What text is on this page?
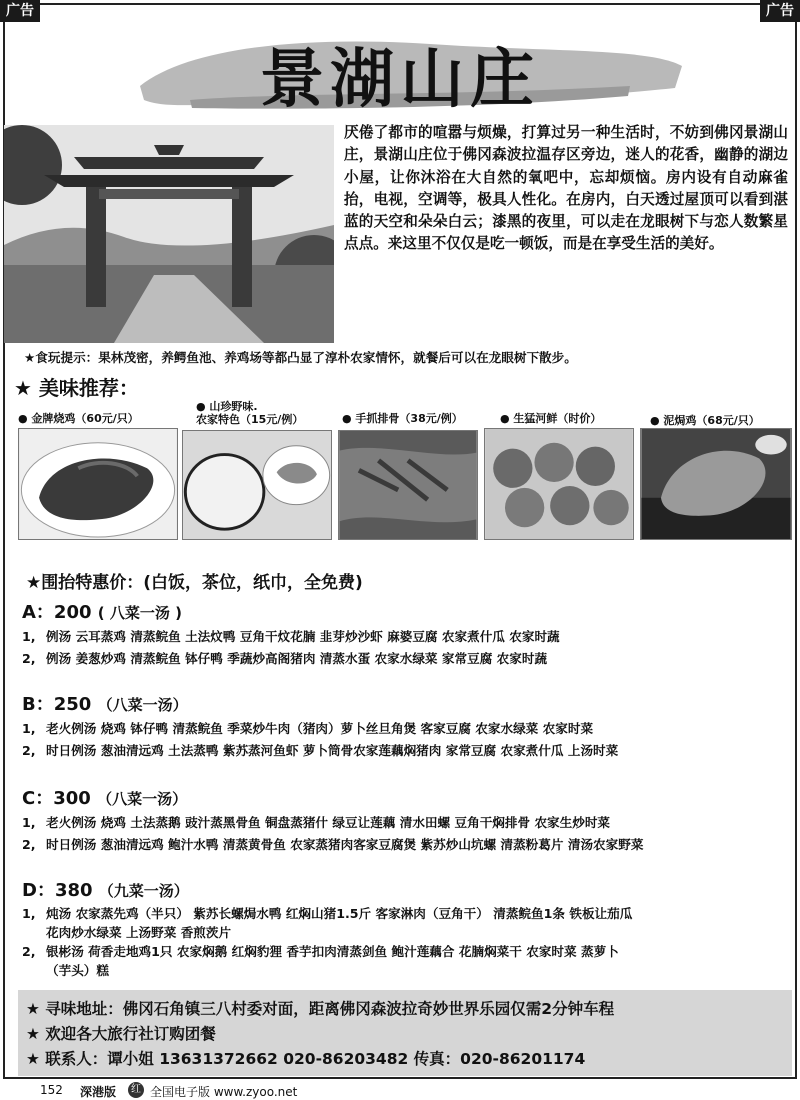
广告	广告
景湖山庄
厌倦了都市的喧嚣与烦燥，打算过另一种生活时，不妨到佛冈景湖山庄，景湖山庄位于佛冈森波拉温存区旁边，迷人的花香，幽静的湖边小屋，让你沐浴在大自然的氧吧中，忘却烦恼。房内设有自动麻雀抬，电视，空调等，极具人性化。在房内，白天透过屋顶可以看到湛蓝的天空和朵朵白云；漆黑的夜里，可以走在龙眼树下与恋人数繁星点点。来这里不仅仅是吃一顿饭，而是在享受生活的美好。
★食玩提示：果林茂密，养鳄鱼池、养鸡场等都凸显了淳朴农家情怀，就餐后可以在龙眼树下散步。
★ 美味推荐：
● 金牌烧鸡（60元/只）
● 山珍野味.
农家特色（15元/例）	● 手抓排骨（38元/例）	● 生猛河鲜（时价）	● 泥焗鸡（68元/只）
★围抬特惠价：(白饭，茶位，纸巾，全免费)
A：200 ( 八菜一汤 )
1, 例汤 云耳蒸鸡 清蒸鲩鱼 土法炆鸭 豆角干炆花腩 韭芽炒沙虾 麻婆豆腐 农家煮什瓜 农家时蔬
2, 例汤 姜葱炒鸡 清蒸鲩鱼 钵仔鸭 季蔬炒高阁猪肉 清蒸水蛋 农家水绿菜 家常豆腐 农家时蔬
B：250 （八菜一汤）
1, 老火例汤 烧鸡 钵仔鸭 清蒸鲩鱼 季菜炒牛肉（猪肉）萝卜丝旦角煲 客家豆腐 农家水绿菜 农家时菜
2, 时日例汤 葱油清远鸡 土法蒸鸭 紫苏蒸河鱼虾 萝卜筒骨农家莲藕焖猪肉 家常豆腐 农家煮什瓜 上汤时菜
C：300 （八菜一汤）
1, 老火例汤 烧鸡 土法蒸鹅 豉汁蒸黑骨鱼 铜盘蒸猪什 绿豆让莲藕 清水田螺 豆角干焖排骨 农家生炒时菜
2, 时日例汤 葱油清远鸡 鲍汁水鸭 清蒸黄骨鱼 农家蒸猪肉客家豆腐煲 紫苏炒山坑螺 清蒸粉葛片 清汤农家野菜
D：380 （九菜一汤）
1, 炖汤 农家蒸先鸡（半只） 紫苏长螺焗水鸭 红焖山猪1.5斤 客家淋肉（豆角干） 清蒸鲩鱼1条 铁板让茄瓜
花肉炒水绿菜 上汤野菜 香煎茨片
2, 银彬汤 荷香走地鸡1只 农家焖鹅 红焖豹狸 香芋扣肉清蒸剑鱼 鲍汁莲藕合 花腩焖菜干 农家时菜 蒸萝卜
（芋头）糕
★ 寻味地址：佛冈石角镇三八村委对面，距离佛冈森波拉奇妙世界乐园仅需2分钟车程
★ 欢迎各大旅行社订购团餐
★ 联系人：谭小姐 13631372662 020-86203482 传真：020-86201174
152 深港版	红 全国电子版 www.zyoo.net
